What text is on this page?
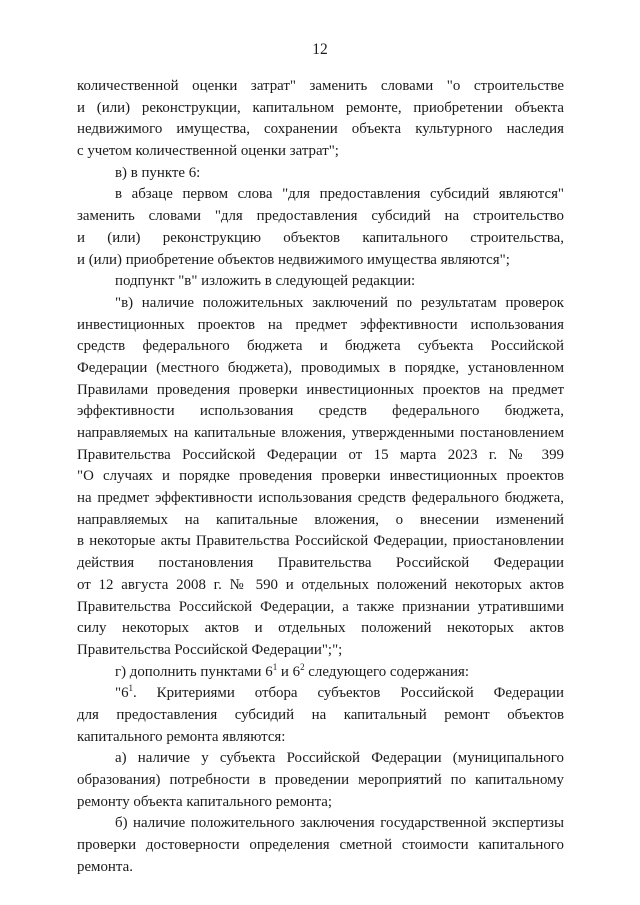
12
количественной оценки затрат" заменить словами "о строительстве
и (или) реконструкции, капитальном ремонте, приобретении объекта
недвижимого имущества, сохранении объекта культурного наследия
с учетом количественной оценки затрат";
в) в пункте 6:
в абзаце первом слова "для предоставления субсидий являются"
заменить словами "для предоставления субсидий на строительство
и (или) реконструкцию объектов капитального строительства,
и (или) приобретение объектов недвижимого имущества являются";
подпункт "в" изложить в следующей редакции:
"в) наличие положительных заключений по результатам проверок
инвестиционных проектов на предмет эффективности использования
средств федерального бюджета и бюджета субъекта Российской
Федерации (местного бюджета), проводимых в порядке, установленном
Правилами проведения проверки инвестиционных проектов на предмет
эффективности использования средств федерального бюджета,
направляемых на капитальные вложения, утвержденными постановлением
Правительства Российской Федерации от 15 марта 2023 г. № 399
"О случаях и порядке проведения проверки инвестиционных проектов
на предмет эффективности использования средств федерального бюджета,
направляемых на капитальные вложения, о внесении изменений
в некоторые акты Правительства Российской Федерации, приостановлении
действия постановления Правительства Российской Федерации
от 12 августа 2008 г. № 590 и отдельных положений некоторых актов
Правительства Российской Федерации, а также признании утратившими
силу некоторых актов и отдельных положений некоторых актов
Правительства Российской Федерации";";
г) дополнить пунктами $6^1$ и $6^2$ следующего содержания:
"$6^1$. Критериями отбора субъектов Российской Федерации
для предоставления субсидий на капитальный ремонт объектов
капитального ремонта являются:
а) наличие у субъекта Российской Федерации (муниципального
образования) потребности в проведении мероприятий по капитальному
ремонту объекта капитального ремонта;
б) наличие положительного заключения государственной экспертизы
проверки достоверности определения сметной стоимости капитального
ремонта.
